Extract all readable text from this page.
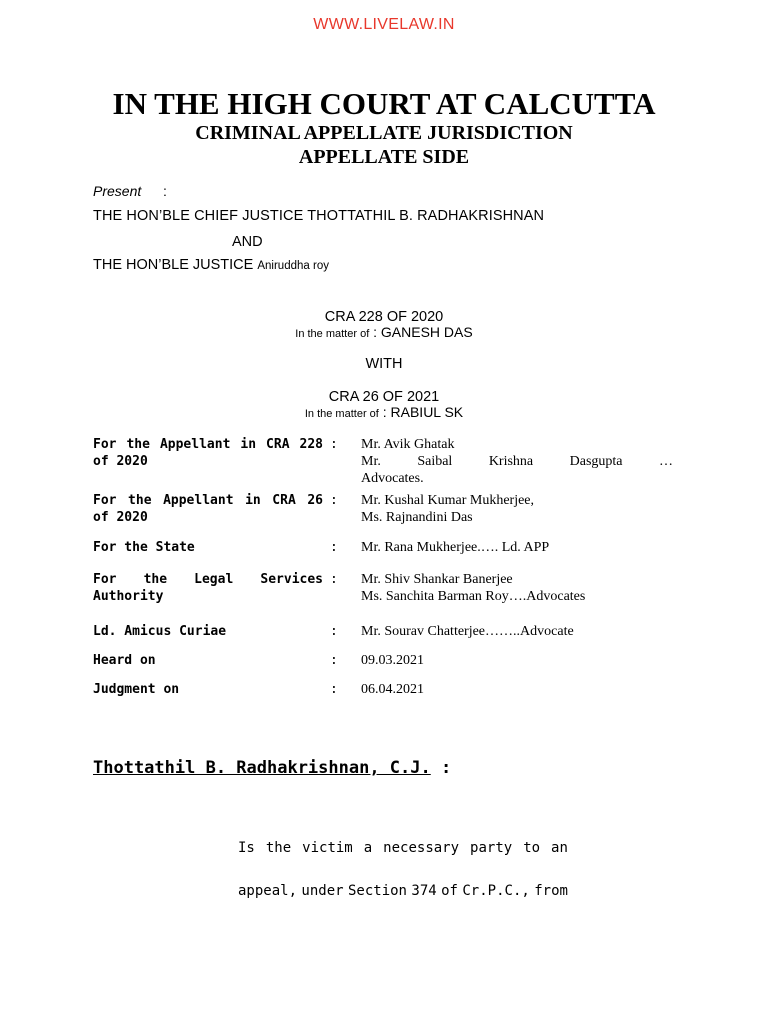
WWW.LIVELAW.IN
IN THE HIGH COURT AT CALCUTTA
CRIMINAL APPELLATE JURISDICTION
APPELLATE SIDE
Present :
THE HON’BLE CHIEF JUSTICE THOTTATHIL B. RADHAKRISHNAN
AND
THE HON’BLE JUSTICE Aniruddha roy
CRA 228 OF 2020
In the matter of : GANESH DAS
WITH
CRA 26 OF 2021
In the matter of : RABIUL SK
For the Appellant in CRA 228 of 2020
: Mr. Avik Ghatak
Mr.	Saibal	Krishna	Dasgupta	…
Advocates.
For the Appellant in CRA 26 of 2020
: Mr. Kushal Kumar Mukherjee,
Ms. Rajnandini Das
For the State	: Mr. Rana Mukherjee.…. Ld. APP
For the Legal Services Authority
: Mr. Shiv Shankar Banerjee
Ms. Sanchita Barman Roy….Advocates
Ld. Amicus Curiae	: Mr. Sourav Chatterjee……..Advocate
Heard on	: 09.03.2021
Judgment on	: 06.04.2021
Thottathil B. Radhakrishnan, C.J. :
Is the victim a necessary party to an
appeal, under Section 374 of Cr.P.C., from
